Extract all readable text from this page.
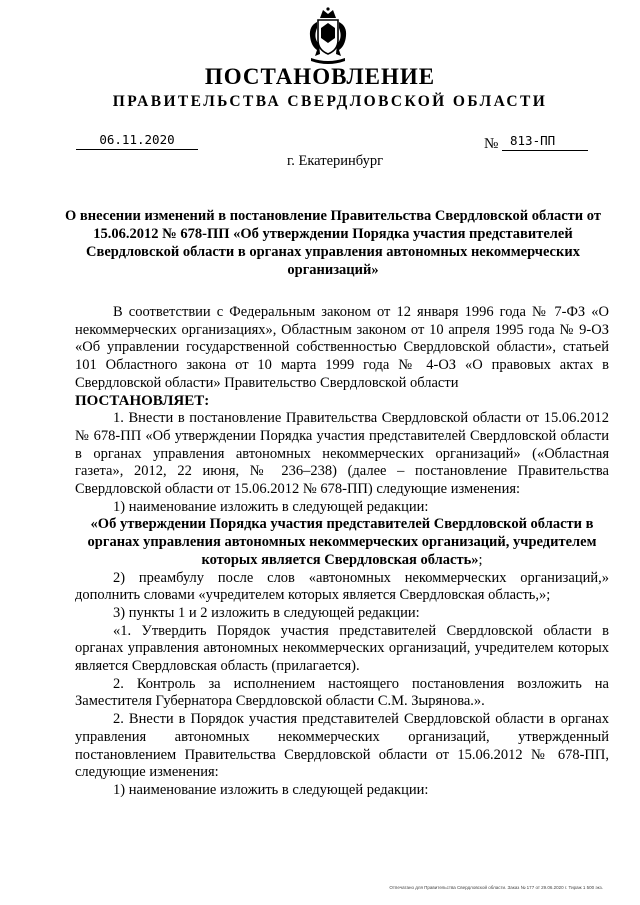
ПОСТАНОВЛЕНИЕ
ПРАВИТЕЛЬСТВА СВЕРДЛОВСКОЙ ОБЛАСТИ
06.11.2020	№ 813-ПП
г. Екатеринбург
О внесении изменений в постановление Правительства Свердловской области от 15.06.2012 № 678-ПП «Об утверждении Порядка участия представителей Свердловской области в органах управления автономных некоммерческих организаций»

В соответствии с Федеральным законом от 12 января 1996 года № 7-ФЗ «О некоммерческих организациях», Областным законом от 10 апреля 1995 года № 9-ОЗ «Об управлении государственной собственностью Свердловской области», статьей 101 Областного закона от 10 марта 1999 года № 4-ОЗ «О правовых актах в Свердловской области» Правительство Свердловской области

ПОСТАНОВЛЯЕТ:

1. Внести в постановление Правительства Свердловской области от 15.06.2012 № 678-ПП «Об утверждении Порядка участия представителей Свердловской области в органах управления автономных некоммерческих организаций» («Областная газета», 2012, 22 июня, № 236–238) (далее – постановление Правительства Свердловской области от 15.06.2012 № 678-ПП) следующие изменения:

1) наименование изложить в следующей редакции:

«Об утверждении Порядка участия представителей Свердловской области в органах управления автономных некоммерческих организаций, учредителем которых является Свердловская область»;

2) преамбулу после слов «автономных некоммерческих организаций,» дополнить словами «учредителем которых является Свердловская область,»;

3) пункты 1 и 2 изложить в следующей редакции:

«1. Утвердить Порядок участия представителей Свердловской области в органах управления автономных некоммерческих организаций, учредителем которых является Свердловская область (прилагается).

2. Контроль за исполнением настоящего постановления возложить на Заместителя Губернатора Свердловской области С.М. Зырянова.».

2. Внести в Порядок участия представителей Свердловской области в органах управления автономных некоммерческих организаций, утвержденный постановлением Правительства Свердловской области от 15.06.2012 № 678-ПП, следующие изменения:

1) наименование изложить в следующей редакции:

Отпечатано для Правительства Свердловской области. Заказ № 177 от 29.06.2020 г. Тираж 1 500 экз.
